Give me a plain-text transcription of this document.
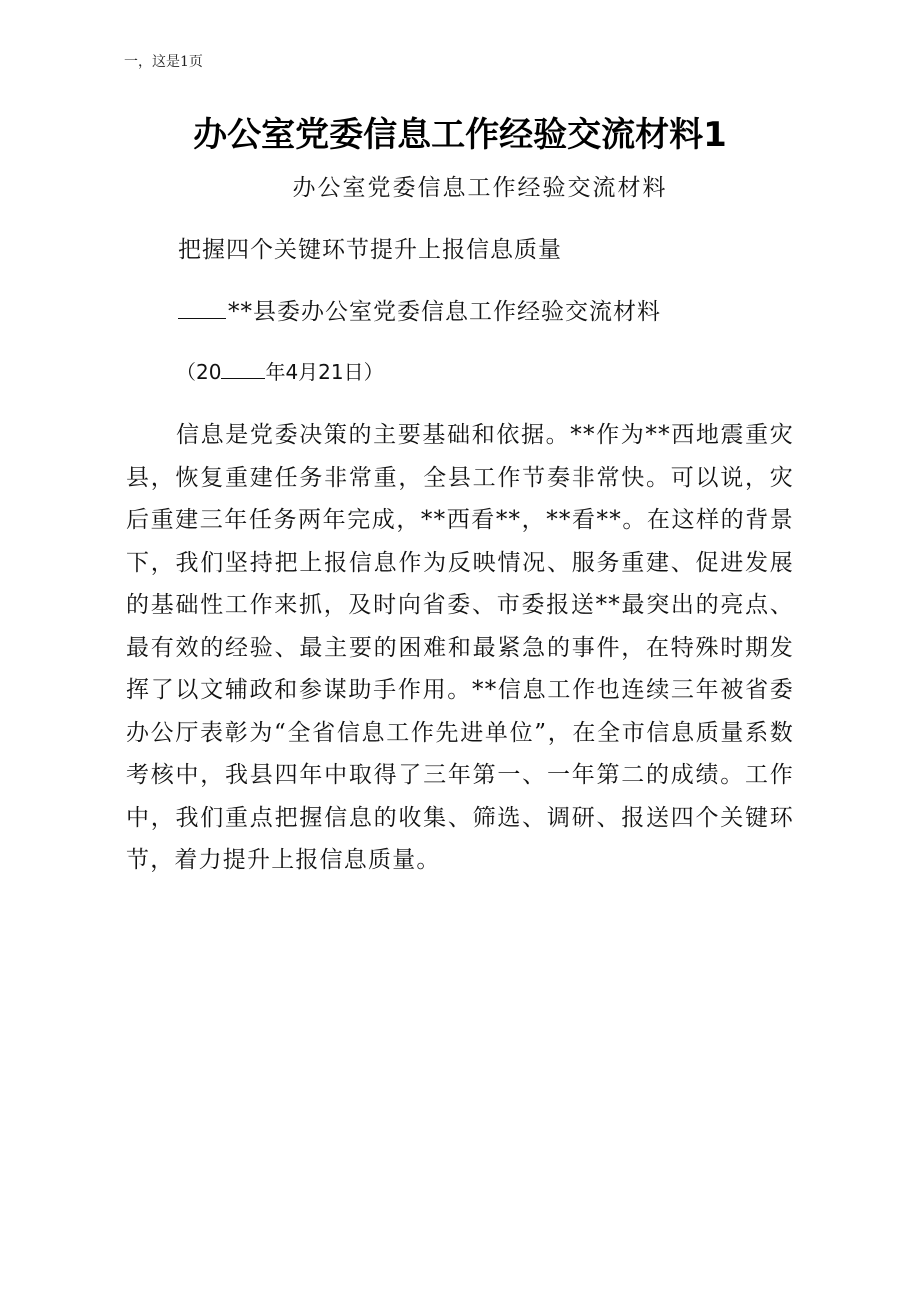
一，这是1页
办公室党委信息工作经验交流材料1
办公室党委信息工作经验交流材料
把握四个关键环节提升上报信息质量
**县委办公室党委信息工作经验交流材料
（20 年4月21日）

信息是党委决策的主要基础和依据。**作为**西地震重灾县，恢复重建任务非常重，全县工作节奏非常快。可以说，灾后重建三年任务两年完成，**西看**，**看**。在这样的背景下，我们坚持把上报信息作为反映情况、服务重建、促进发展的基础性工作来抓，及时向省委、市委报送**最突出的亮点、最有效的经验、最主要的困难和最紧急的事件，在特殊时期发挥了以文辅政和参谋助手作用。**信息工作也连续三年被省委办公厅表彰为“全省信息工作先进单位”，在全市信息质量系数考核中，我县四年中取得了三年第一、一年第二的成绩。工作中，我们重点把握信息的收集、筛选、调研、报送四个关键环节，着力提升上报信息质量。
